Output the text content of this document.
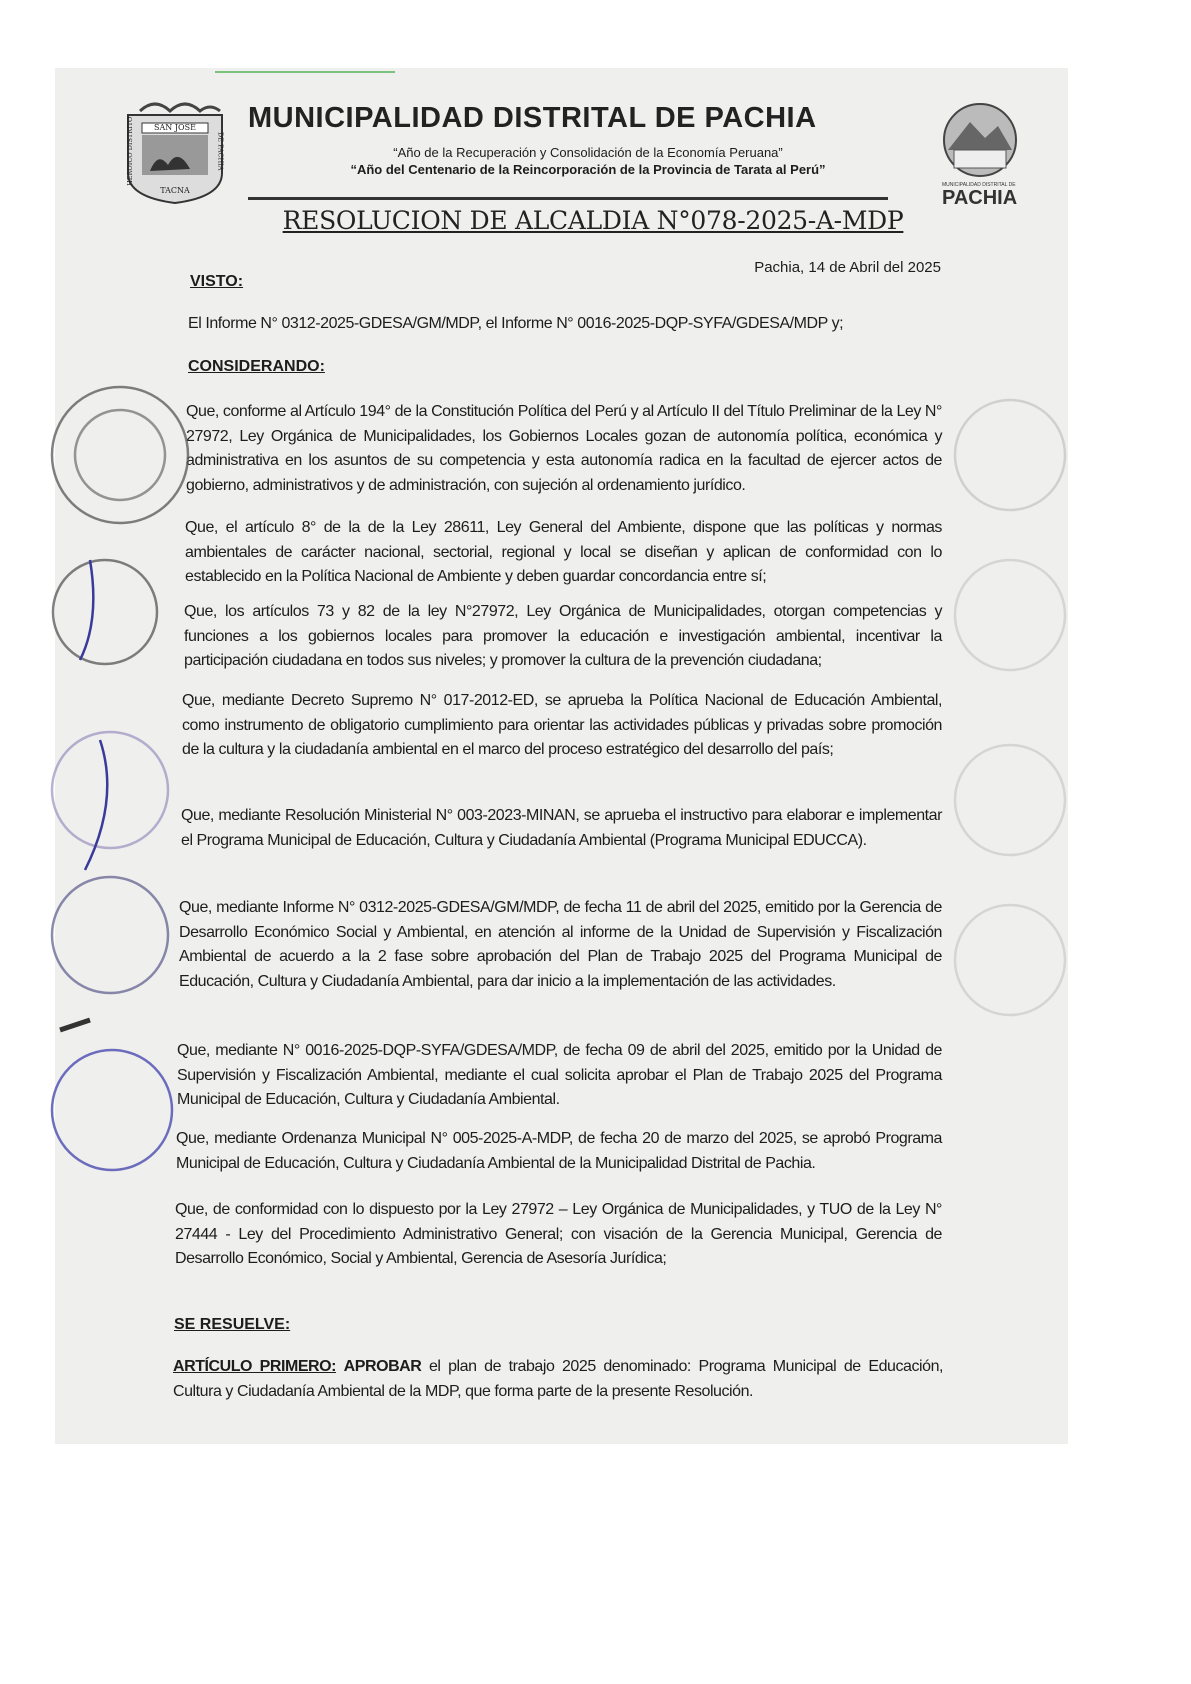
SAN JOSE
HEROICO DISTRITO	DE PACHIA
TACNA
MUNICIPALIDAD DISTRITAL DE PACHIA
“Año de la Recuperación y Consolidación de la Economía Peruana”
“Año del Centenario de la Reincorporación de la Provincia de Tarata al Perú”
MUNICIPALIDAD DISTRITAL DE
PACHIA
RESOLUCION DE ALCALDIA N°078-2025-A-MDP
Pachia, 14 de Abril del 2025
VISTO:
El Informe N° 0312-2025-GDESA/GM/MDP, el Informe N° 0016-2025-DQP-SYFA/GDESA/MDP y;
CONSIDERANDO:
Que, conforme al Artículo 194° de la Constitución Política del Perú y al Artículo II del Título Preliminar de la Ley N° 27972, Ley Orgánica de Municipalidades, los Gobiernos Locales gozan de autonomía política, económica y administrativa en los asuntos de su competencia y esta autonomía radica en la facultad de ejercer actos de gobierno, administrativos y de administración, con sujeción al ordenamiento jurídico.
Que, el artículo 8° de la de la Ley 28611, Ley General del Ambiente, dispone que las políticas y normas ambientales de carácter nacional, sectorial, regional y local se diseñan y aplican de conformidad con lo establecido en la Política Nacional de Ambiente y deben guardar concordancia entre sí;
Que, los artículos 73 y 82 de la ley N°27972, Ley Orgánica de Municipalidades, otorgan competencias y funciones a los gobiernos locales para promover la educación e investigación ambiental, incentivar la participación ciudadana en todos sus niveles; y promover la cultura de la prevención ciudadana;
Que, mediante Decreto Supremo N° 017-2012-ED, se aprueba la Política Nacional de Educación Ambiental, como instrumento de obligatorio cumplimiento para orientar las actividades públicas y privadas sobre promoción de la cultura y la ciudadanía ambiental en el marco del proceso estratégico del desarrollo del país;
Que, mediante Resolución Ministerial N° 003-2023-MINAN, se aprueba el instructivo para elaborar e implementar el Programa Municipal de Educación, Cultura y Ciudadanía Ambiental (Programa Municipal EDUCCA).
Que, mediante Informe N° 0312-2025-GDESA/GM/MDP, de fecha 11 de abril del 2025, emitido por la Gerencia de Desarrollo Económico Social y Ambiental, en atención al informe de la Unidad de Supervisión y Fiscalización Ambiental de acuerdo a la 2 fase sobre aprobación del Plan de Trabajo 2025 del Programa Municipal de Educación, Cultura y Ciudadanía Ambiental, para dar inicio a la implementación de las actividades.
Que, mediante N° 0016-2025-DQP-SYFA/GDESA/MDP, de fecha 09 de abril del 2025, emitido por la Unidad de Supervisión y Fiscalización Ambiental, mediante el cual solicita aprobar el Plan de Trabajo 2025 del Programa Municipal de Educación, Cultura y Ciudadanía Ambiental.
Que, mediante Ordenanza Municipal N° 005-2025-A-MDP, de fecha 20 de marzo del 2025, se aprobó Programa Municipal de Educación, Cultura y Ciudadanía Ambiental de la Municipalidad Distrital de Pachia.
Que, de conformidad con lo dispuesto por la Ley 27972 – Ley Orgánica de Municipalidades, y TUO de la Ley N° 27444 - Ley del Procedimiento Administrativo General; con visación de la Gerencia Municipal, Gerencia de Desarrollo Económico, Social y Ambiental, Gerencia de Asesoría Jurídica;
SE RESUELVE:
ARTÍCULO PRIMERO: APROBAR el plan de trabajo 2025 denominado: Programa Municipal de Educación, Cultura y Ciudadanía Ambiental de la MDP, que forma parte de la presente Resolución.
